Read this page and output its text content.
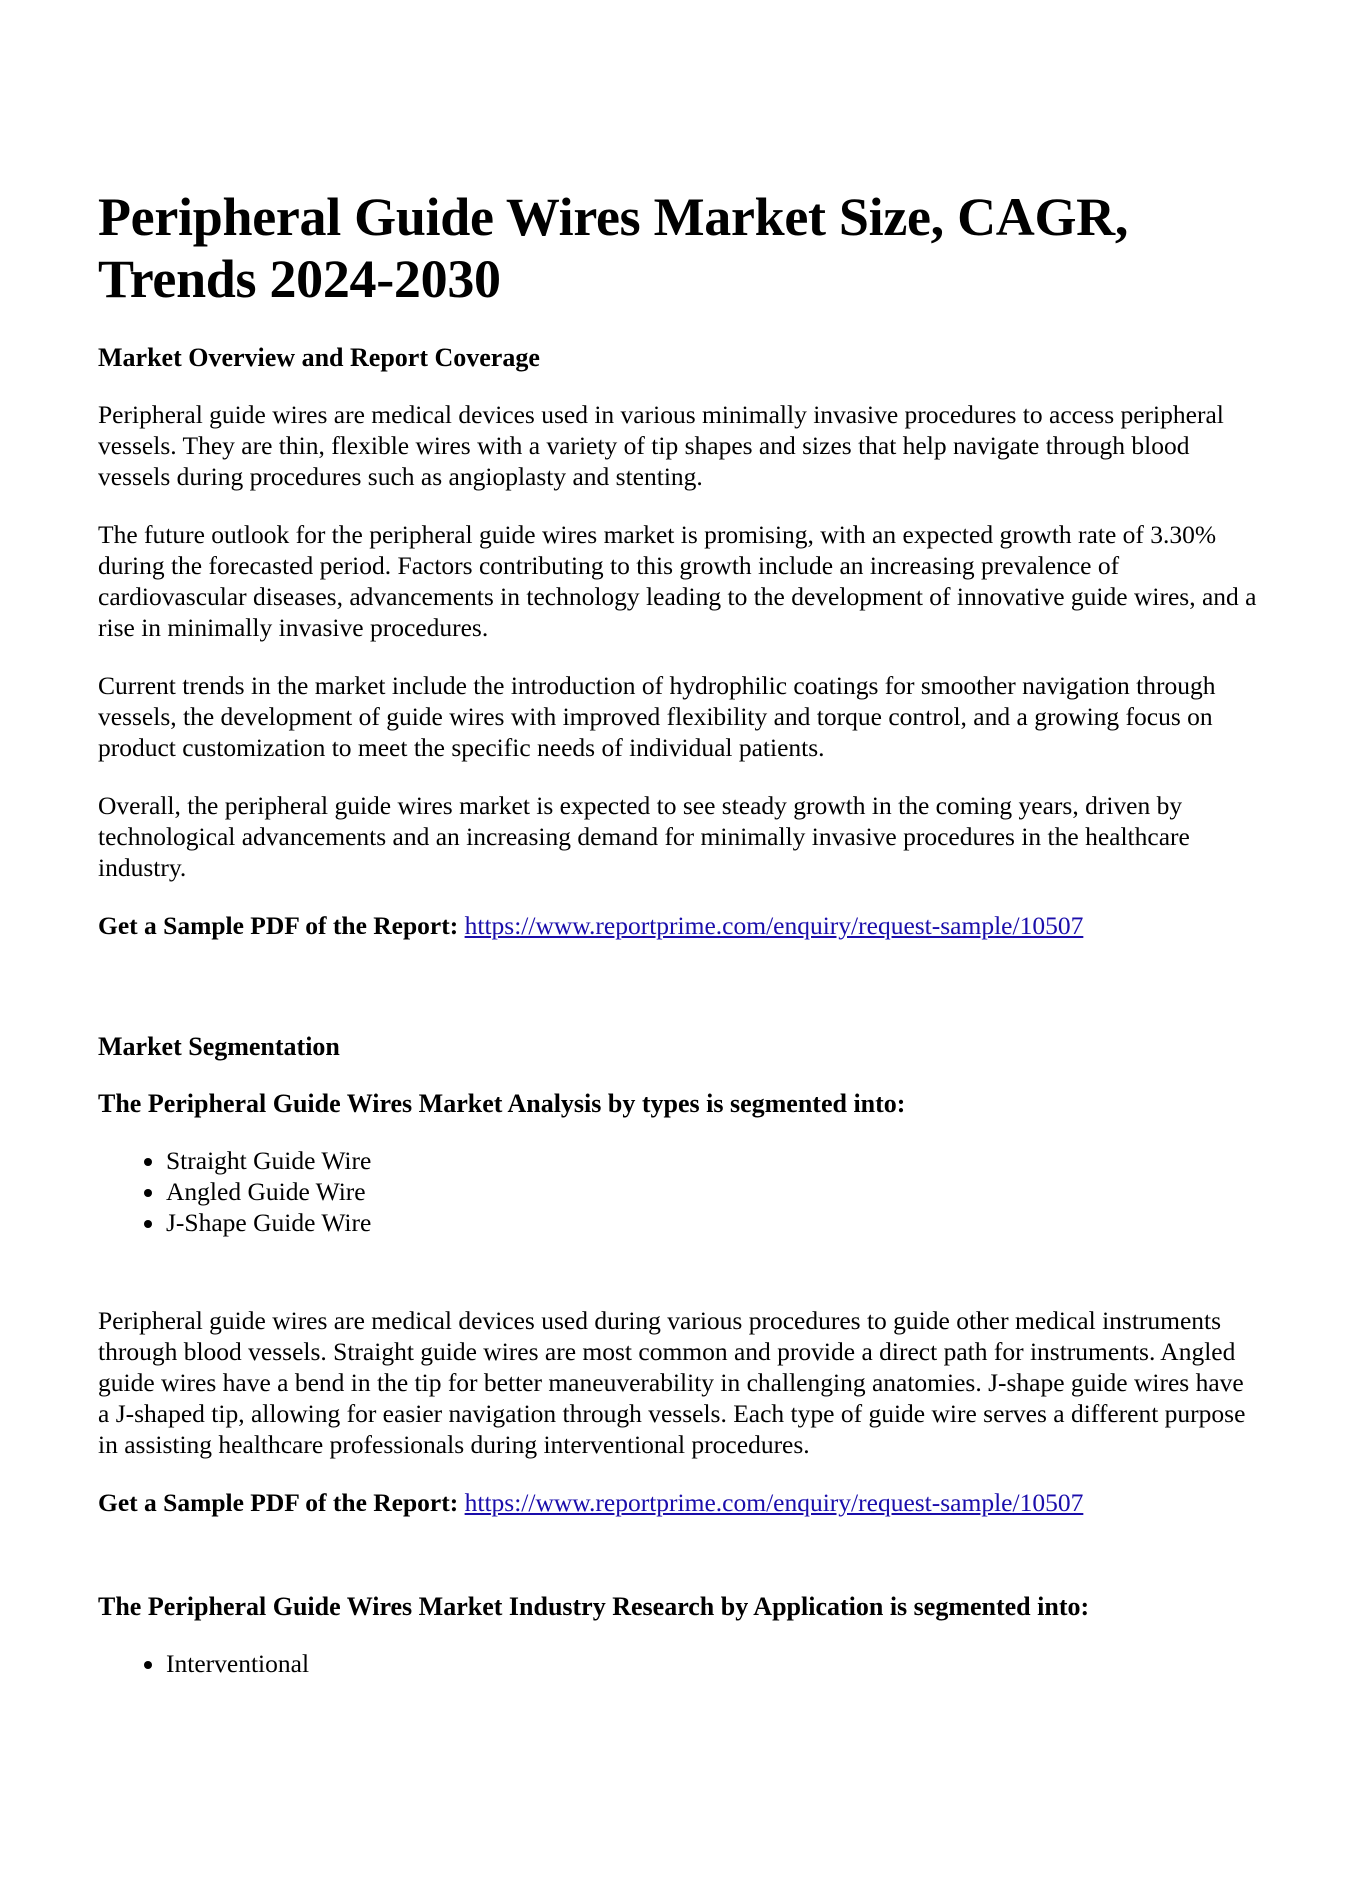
Peripheral Guide Wires Market Size, CAGR, Trends 2024-2030
Market Overview and Report Coverage

Peripheral guide wires are medical devices used in various minimally invasive procedures to access peripheral vessels. They are thin, flexible wires with a variety of tip shapes and sizes that help navigate through blood vessels during procedures such as angioplasty and stenting.

The future outlook for the peripheral guide wires market is promising, with an expected growth rate of 3.30% during the forecasted period. Factors contributing to this growth include an increasing prevalence of cardiovascular diseases, advancements in technology leading to the development of innovative guide wires, and a rise in minimally invasive procedures.

Current trends in the market include the introduction of hydrophilic coatings for smoother navigation through vessels, the development of guide wires with improved flexibility and torque control, and a growing focus on product customization to meet the specific needs of individual patients.

Overall, the peripheral guide wires market is expected to see steady growth in the coming years, driven by technological advancements and an increasing demand for minimally invasive procedures in the healthcare industry.

Get a Sample PDF of the Report: https://www.reportprime.com/enquiry/request-sample/10507
Market Segmentation
The Peripheral Guide Wires Market Analysis by types is segmented into:
• Straight Guide Wire
• Angled Guide Wire
• J-Shape Guide Wire

Peripheral guide wires are medical devices used during various procedures to guide other medical instruments through blood vessels. Straight guide wires are most common and provide a direct path for instruments. Angled guide wires have a bend in the tip for better maneuverability in challenging anatomies. J-shape guide wires have a J-shaped tip, allowing for easier navigation through vessels. Each type of guide wire serves a different purpose in assisting healthcare professionals during interventional procedures.

Get a Sample PDF of the Report: https://www.reportprime.com/enquiry/request-sample/10507
The Peripheral Guide Wires Market Industry Research by Application is segmented into:
• Interventional
